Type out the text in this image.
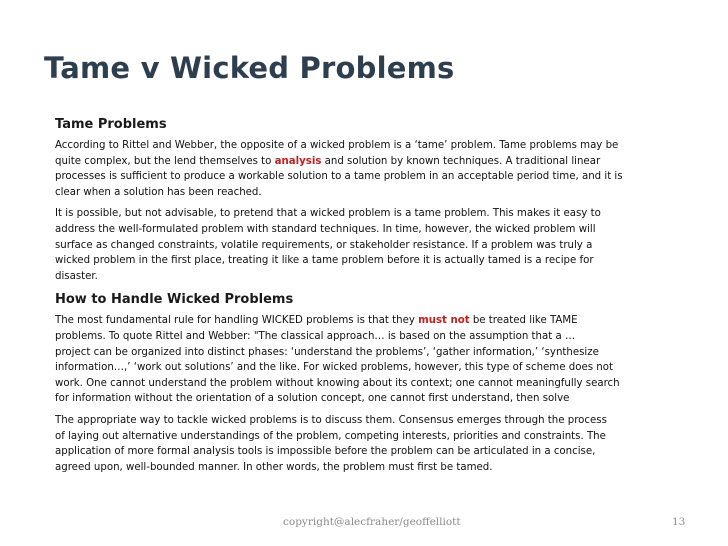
Tame v Wicked Problems
Tame Problems
According to Rittel and Webber, the opposite of a wicked problem is a ‘tame’ problem. Tame problems may be
quite complex, but the lend themselves to analysis and solution by known techniques. A traditional linear
processes is sufficient to produce a workable solution to a tame problem in an acceptable period time, and it is
clear when a solution has been reached.
It is possible, but not advisable, to pretend that a wicked problem is a tame problem. This makes it easy to
address the well-formulated problem with standard techniques. In time, however, the wicked problem will
surface as changed constraints, volatile requirements, or stakeholder resistance. If a problem was truly a
wicked problem in the first place, treating it like a tame problem before it is actually tamed is a recipe for
disaster.
How to Handle Wicked Problems
The most fundamental rule for handling WICKED problems is that they must not be treated like TAME
problems. To quote Rittel and Webber: "The classical approach… is based on the assumption that a …
project can be organized into distinct phases: ‘understand the problems’, ‘gather information,’ ‘synthesize
information…,’ ‘work out solutions’ and the like. For wicked problems, however, this type of scheme does not
work. One cannot understand the problem without knowing about its context; one cannot meaningfully search
for information without the orientation of a solution concept, one cannot first understand, then solve
The appropriate way to tackle wicked problems is to discuss them. Consensus emerges through the process
of laying out alternative understandings of the problem, competing interests, priorities and constraints. The
application of more formal analysis tools is impossible before the problem can be articulated in a concise,
agreed upon, well-bounded manner. In other words, the problem must first be tamed.
copyright@alecfraher/geoffelliott	13
